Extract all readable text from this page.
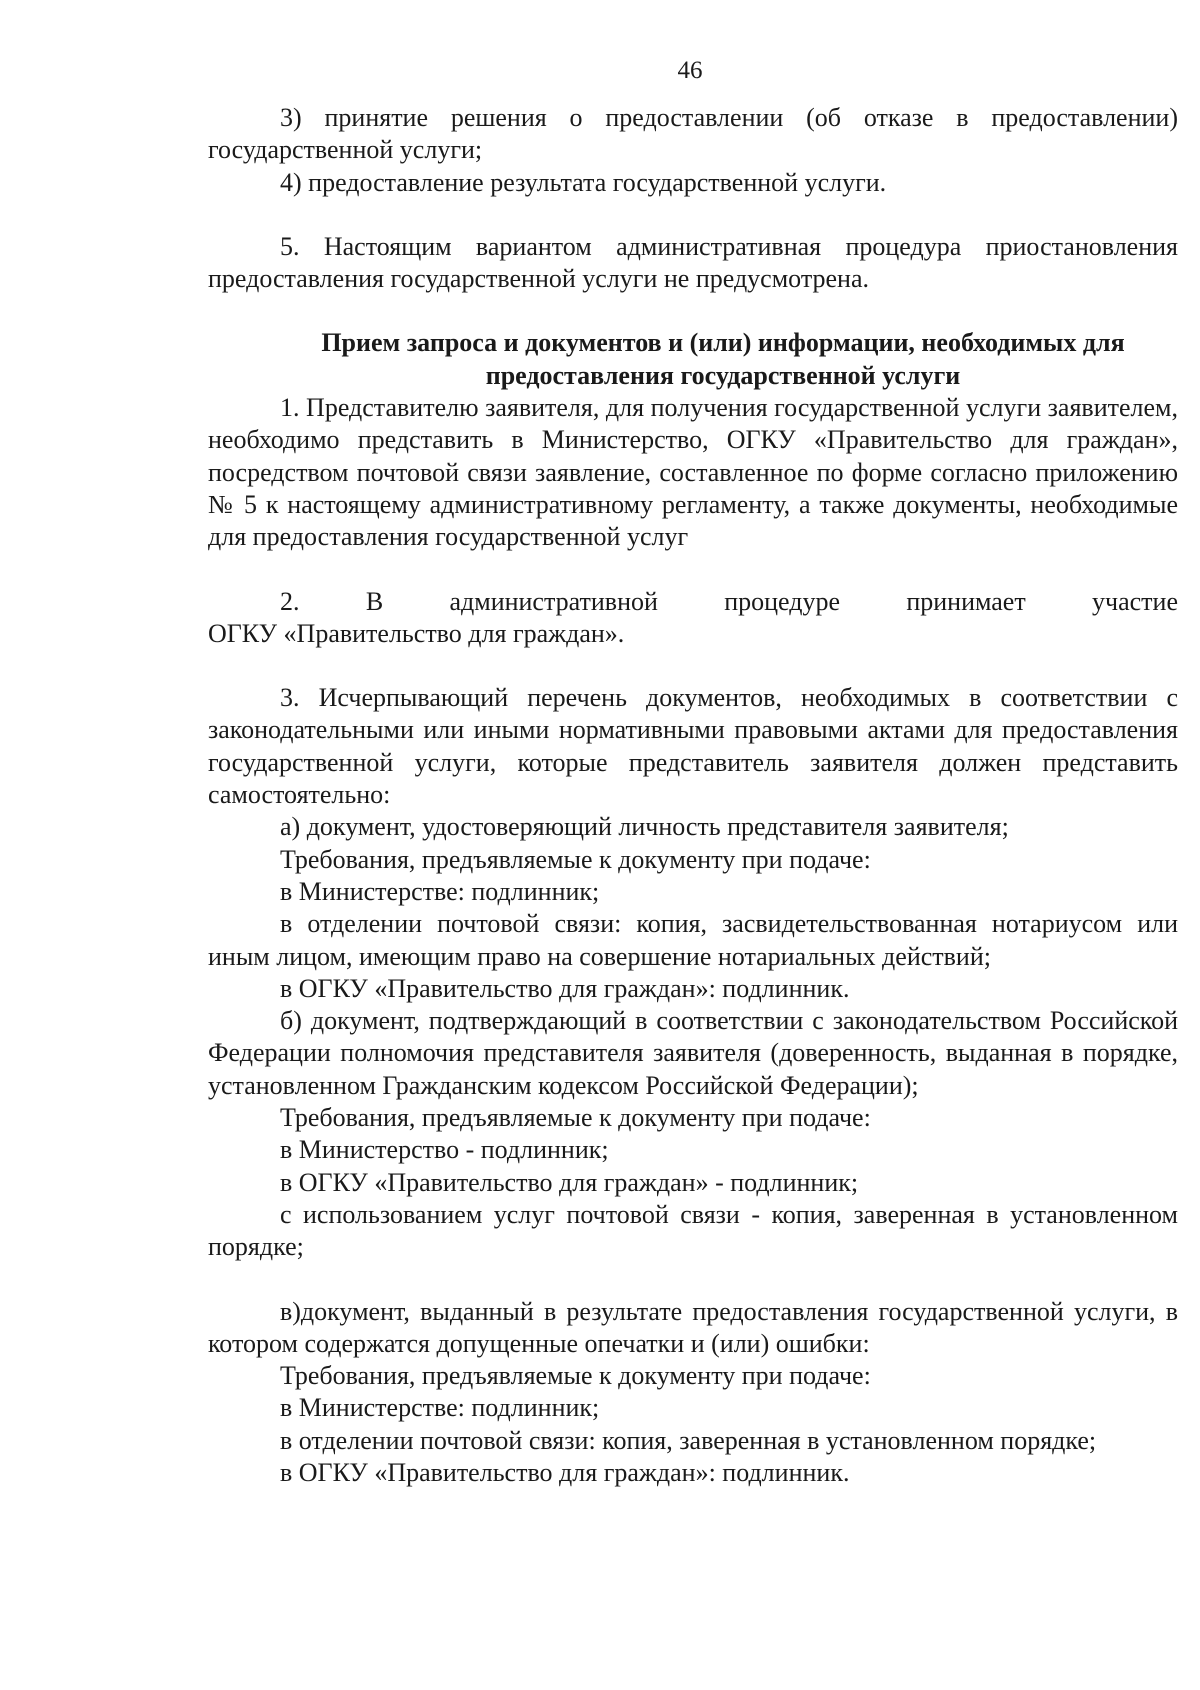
46

3) принятие решения о предоставлении (об отказе в предоставлении) государственной услуги;

4) предоставление результата государственной услуги.

5. Настоящим вариантом административная процедура приостановления предоставления государственной услуги не предусмотрена.

Прием запроса и документов и (или) информации, необходимых для предоставления государственной услуги

1. Представителю заявителя, для получения государственной услуги заявителем, необходимо представить в Министерство, ОГКУ «Правительство для граждан», посредством почтовой связи заявление, составленное по форме согласно приложению № 5 к настоящему административному регламенту, а также документы, необходимые для предоставления государственной услуг

2. В административной процедуре принимает участие

ОГКУ «Правительство для граждан».

3. Исчерпывающий перечень документов, необходимых в соответствии с законодательными или иными нормативными правовыми актами для предоставления государственной услуги, которые представитель заявителя должен представить самостоятельно:

а) документ, удостоверяющий личность представителя заявителя;

Требования, предъявляемые к документу при подаче:

в Министерстве: подлинник;

в отделении почтовой связи: копия, засвидетельствованная нотариусом или иным лицом, имеющим право на совершение нотариальных действий;

в ОГКУ «Правительство для граждан»: подлинник.

б) документ, подтверждающий в соответствии с законодательством Российской Федерации полномочия представителя заявителя (доверенность, выданная в порядке, установленном Гражданским кодексом Российской Федерации);

Требования, предъявляемые к документу при подаче:

в Министерство - подлинник;

в ОГКУ «Правительство для граждан» - подлинник;

с использованием услуг почтовой связи - копия, заверенная в установленном порядке;

в)документ, выданный в результате предоставления государственной услуги, в котором содержатся допущенные опечатки и (или) ошибки:

Требования, предъявляемые к документу при подаче:

в Министерстве: подлинник;

в отделении почтовой связи: копия, заверенная в установленном порядке;

в ОГКУ «Правительство для граждан»: подлинник.
